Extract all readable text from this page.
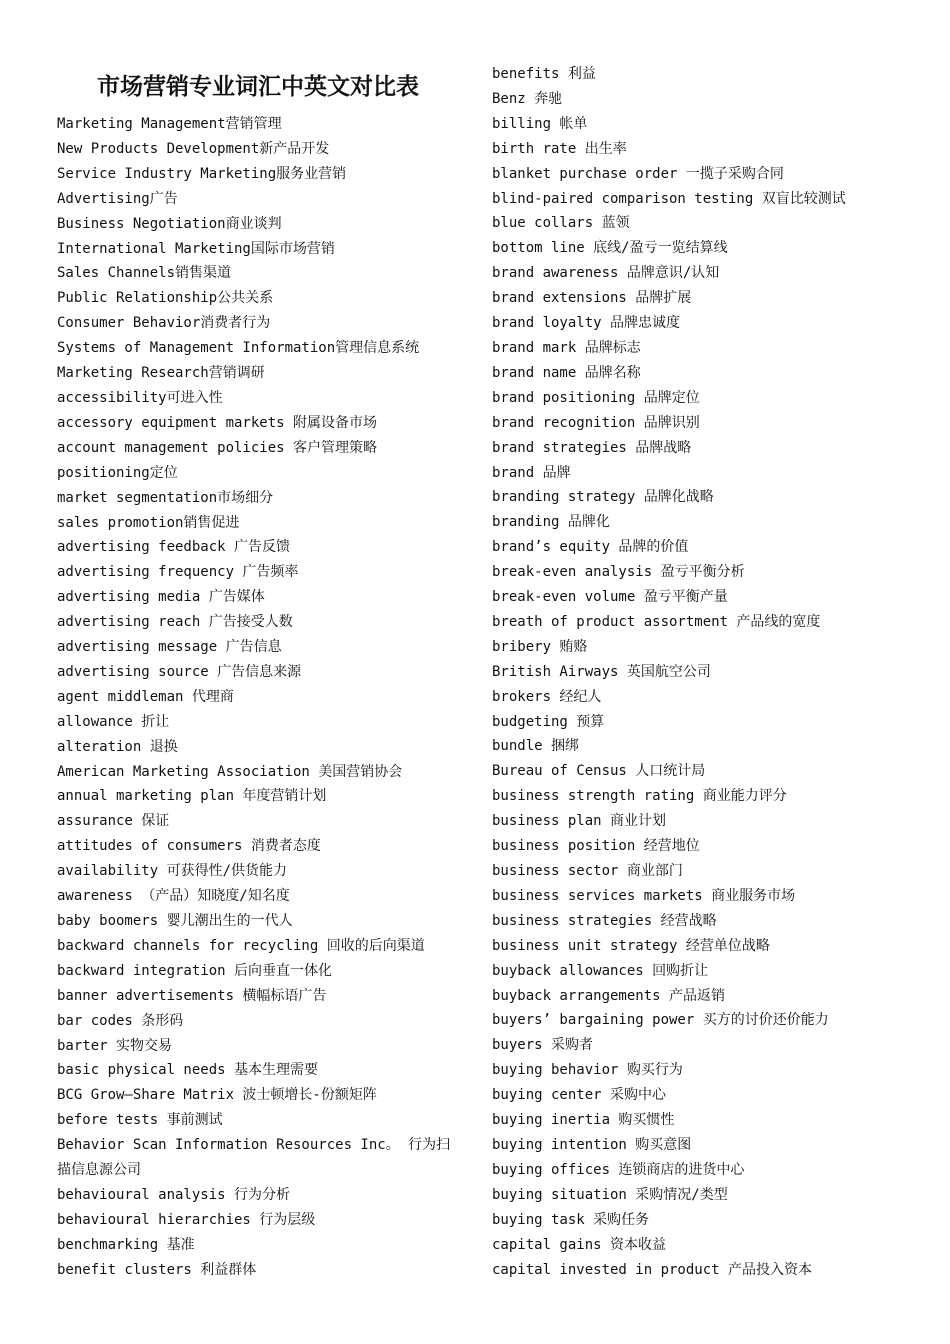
市场营销专业词汇中英文对比表
Marketing Management营销管理
New Products Development新产品开发
Service Industry Marketing服务业营销
Advertising广告
Business Negotiation商业谈判
International Marketing国际市场营销
Sales Channels销售渠道
Public Relationship公共关系
Consumer Behavior消费者行为
Systems of Management Information管理信息系统
Marketing Research营销调研
accessibility可进入性
accessory equipment markets 附属设备市场
account management policies 客户管理策略
positioning定位
market segmentation市场细分
sales promotion销售促进
advertising feedback 广告反馈
advertising frequency 广告频率
advertising media 广告媒体
advertising reach 广告接受人数
advertising message 广告信息
advertising source 广告信息来源
agent middleman 代理商
allowance 折让
alteration 退换
American Marketing Association 美国营销协会
annual marketing plan 年度营销计划
assurance 保证
attitudes of consumers 消费者态度
availability 可获得性/供货能力
awareness （产品）知晓度/知名度
baby boomers 婴儿潮出生的一代人
backward channels for recycling 回收的后向渠道
backward integration 后向垂直一体化
banner advertisements 横幅标语广告
bar codes 条形码
barter 实物交易
basic physical needs 基本生理需要
BCG Grow—Share Matrix 波士顿增长-份额矩阵
before tests 事前测试
Behavior Scan Information Resources Inc。 行为扫描信息源公司
behavioural analysis 行为分析
behavioural hierarchies 行为层级
benchmarking 基准
benefit clusters 利益群体
benefits 利益
Benz 奔驰
billing 帐单
birth rate 出生率
blanket purchase order 一揽子采购合同
blind-paired comparison testing 双盲比较测试
blue collars 蓝领
bottom line 底线/盈亏一览结算线
brand awareness 品牌意识/认知
brand extensions 品牌扩展
brand loyalty 品牌忠诚度
brand mark 品牌标志
brand name 品牌名称
brand positioning 品牌定位
brand recognition 品牌识别
brand strategies 品牌战略
brand 品牌
branding strategy 品牌化战略
branding 品牌化
brand’s equity 品牌的价值
break-even analysis 盈亏平衡分析
break-even volume 盈亏平衡产量
breath of product assortment 产品线的宽度
bribery 贿赂
British Airways 英国航空公司
brokers 经纪人
budgeting 预算
bundle 捆绑
Bureau of Census 人口统计局
business strength rating 商业能力评分
business plan 商业计划
business position 经营地位
business sector 商业部门
business services markets 商业服务市场
business strategies 经营战略
business unit strategy 经营单位战略
buyback allowances 回购折让
buyback arrangements 产品返销
buyers’ bargaining power 买方的讨价还价能力
buyers 采购者
buying behavior 购买行为
buying center 采购中心
buying inertia 购买惯性
buying intention 购买意图
buying offices 连锁商店的进货中心
buying situation 采购情况/类型
buying task 采购任务
capital gains 资本收益
capital invested in product 产品投入资本
